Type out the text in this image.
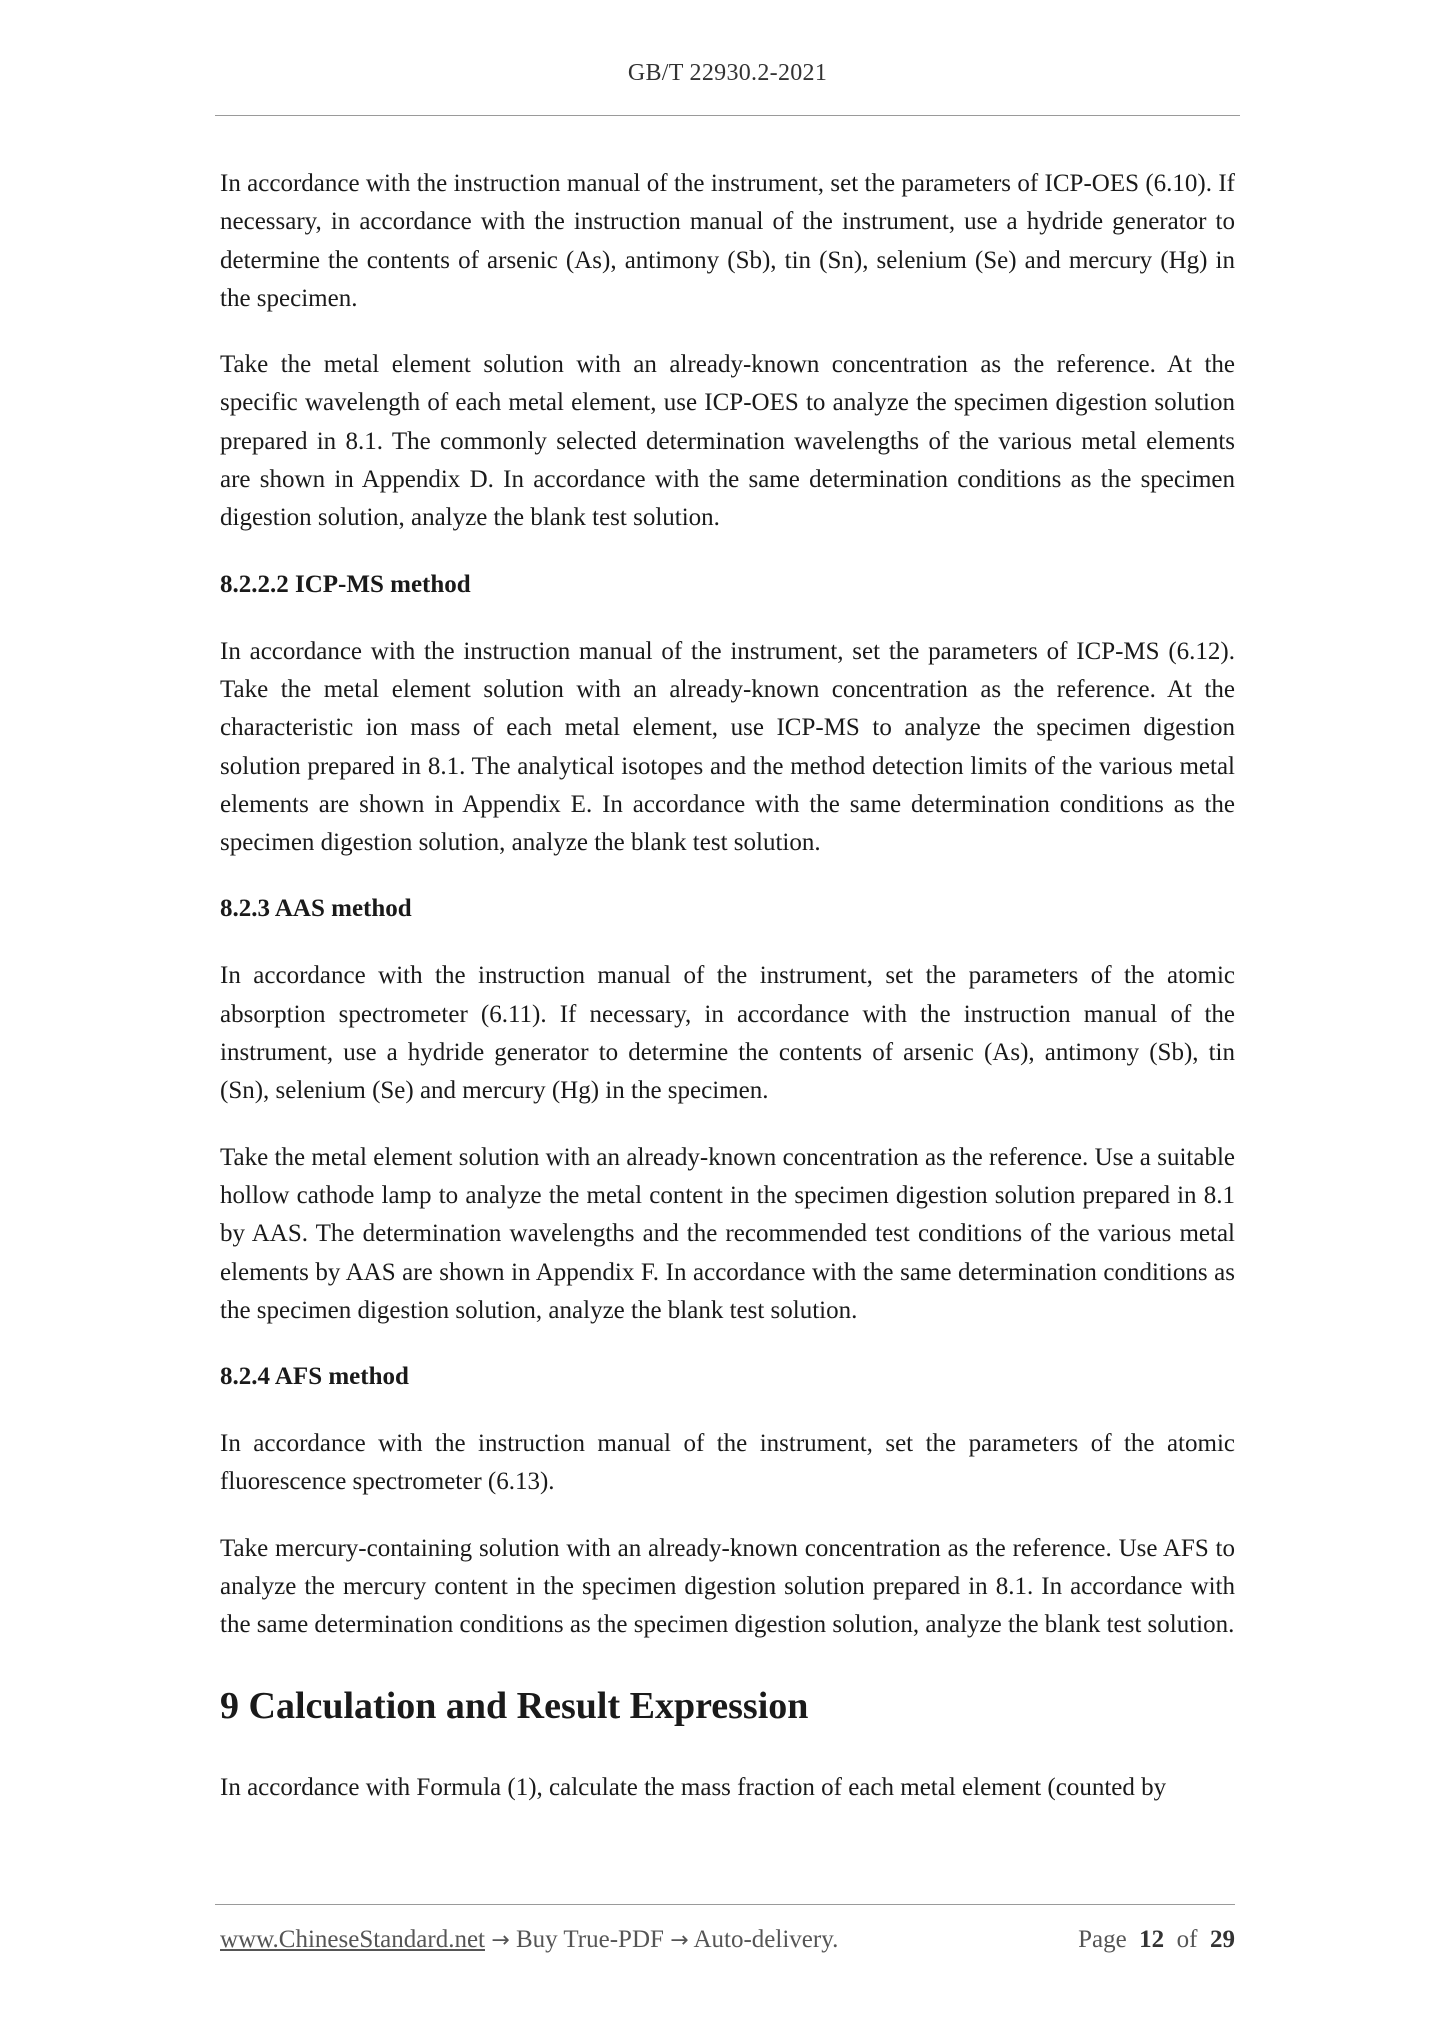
GB/T 22930.2-2021

In accordance with the instruction manual of the instrument, set the parameters of ICP-OES (6.10). If necessary, in accordance with the instruction manual of the instrument, use a hydride generator to determine the contents of arsenic (As), antimony (Sb), tin (Sn), selenium (Se) and mercury (Hg) in the specimen.

Take the metal element solution with an already-known concentration as the reference. At the specific wavelength of each metal element, use ICP-OES to analyze the specimen digestion solution prepared in 8.1. The commonly selected determination wavelengths of the various metal elements are shown in Appendix D. In accordance with the same determination conditions as the specimen digestion solution, analyze the blank test solution.

8.2.2.2 ICP-MS method

In accordance with the instruction manual of the instrument, set the parameters of ICP-MS (6.12). Take the metal element solution with an already-known concentration as the reference. At the characteristic ion mass of each metal element, use ICP-MS to analyze the specimen digestion solution prepared in 8.1. The analytical isotopes and the method detection limits of the various metal elements are shown in Appendix E. In accordance with the same determination conditions as the specimen digestion solution, analyze the blank test solution.

8.2.3 AAS method

In accordance with the instruction manual of the instrument, set the parameters of the atomic absorption spectrometer (6.11). If necessary, in accordance with the instruction manual of the instrument, use a hydride generator to determine the contents of arsenic (As), antimony (Sb), tin (Sn), selenium (Se) and mercury (Hg) in the specimen.

Take the metal element solution with an already-known concentration as the reference. Use a suitable hollow cathode lamp to analyze the metal content in the specimen digestion solution prepared in 8.1 by AAS. The determination wavelengths and the recommended test conditions of the various metal elements by AAS are shown in Appendix F. In accordance with the same determination conditions as the specimen digestion solution, analyze the blank test solution.

8.2.4 AFS method

In accordance with the instruction manual of the instrument, set the parameters of the atomic fluorescence spectrometer (6.13).

Take mercury-containing solution with an already-known concentration as the reference. Use AFS to analyze the mercury content in the specimen digestion solution prepared in 8.1. In accordance with the same determination conditions as the specimen digestion solution, analyze the blank test solution.

9 Calculation and Result Expression

In accordance with Formula (1), calculate the mass fraction of each metal element (counted by

www.ChineseStandard.net → Buy True-PDF → Auto-delivery.	Page 12 of 29
